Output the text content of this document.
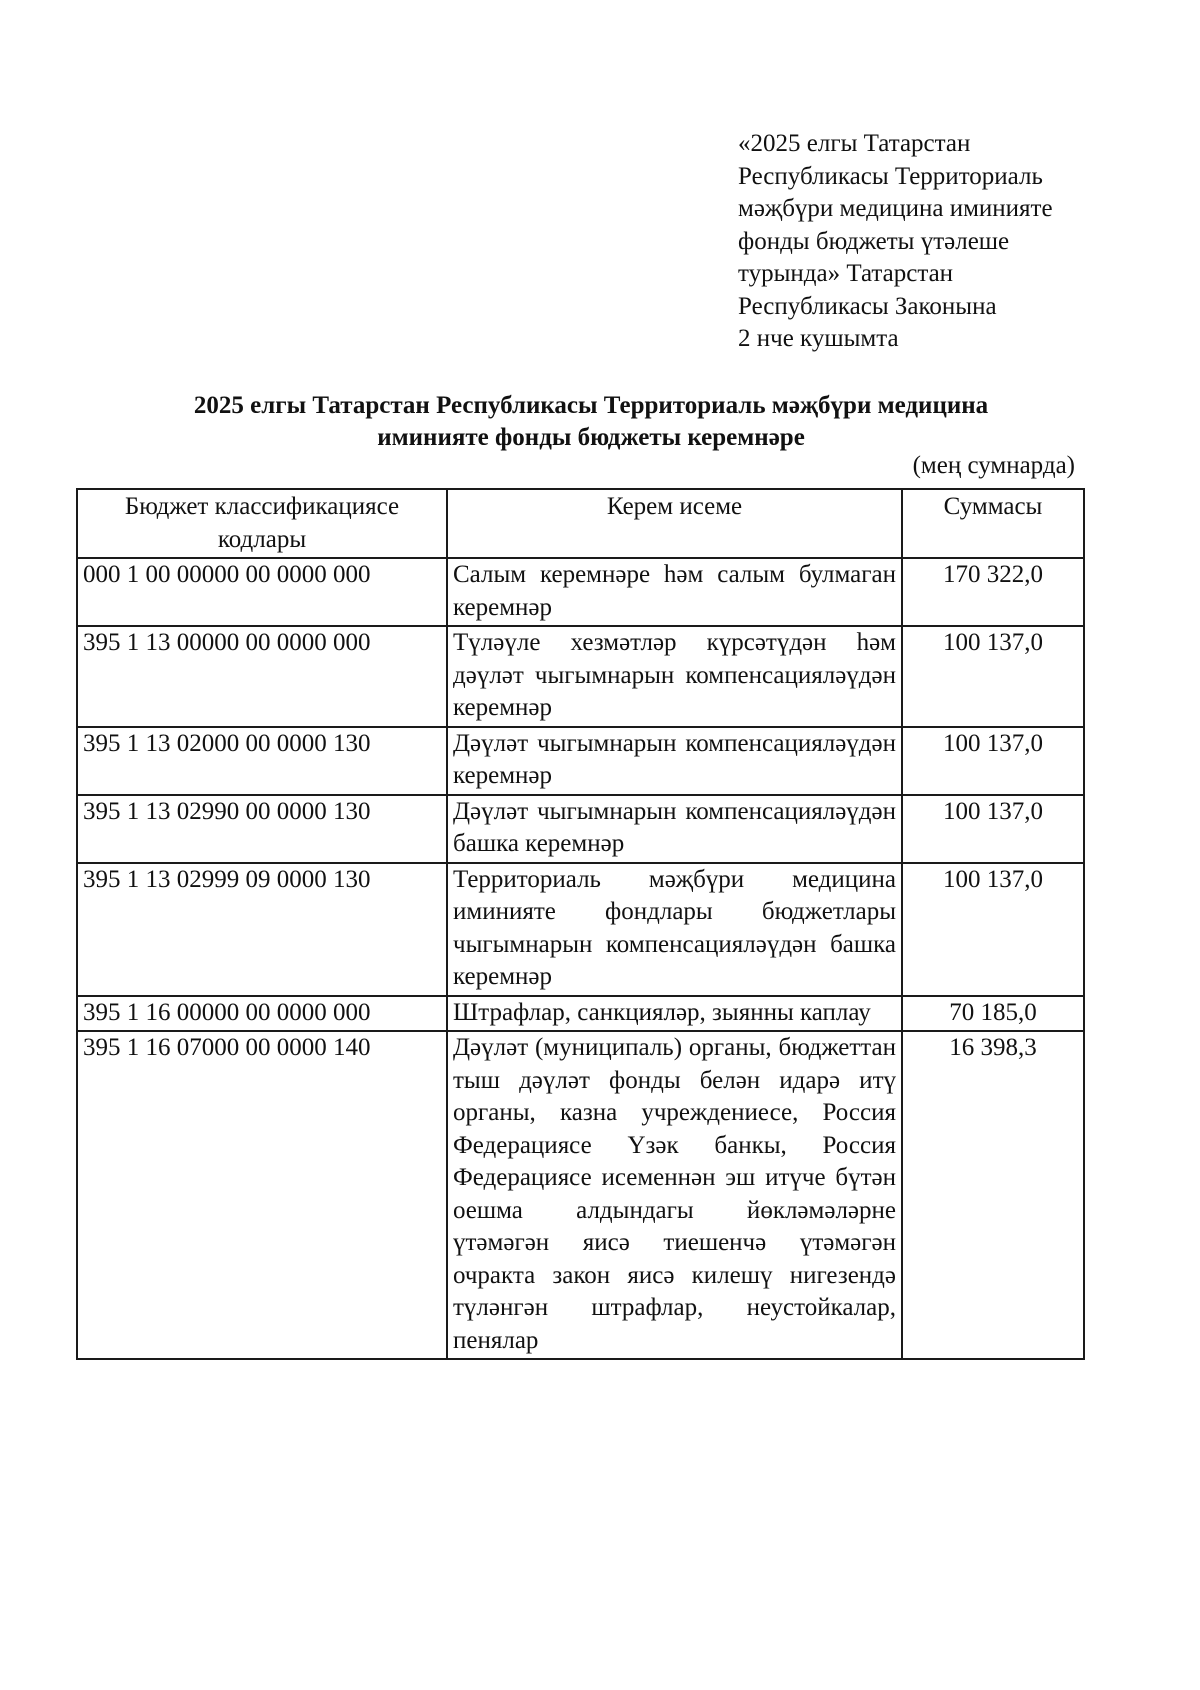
«2025 елгы Татарстан
Республикасы Территориаль
мәҗбүри медицина иминияте
фонды бюджеты үтәлеше
турында» Татарстан
Республикасы Законына
2 нче кушымта
2025 елгы Татарстан Республикасы Территориаль мәҗбүри медицина
иминияте фонды бюджеты керемнәре
(мең сумнарда)
Бюджет классификациясе кодлары	Керем исеме	Суммасы
000 1 00 00000 00 0000 000	Салым керемнәре һәм салым булмаган керемнәр	170 322,0
395 1 13 00000 00 0000 000	Түләүле хезмәтләр күрсәтүдән һәм дәүләт чыгымнарын компенсацияләүдән керемнәр	100 137,0
395 1 13 02000 00 0000 130	Дәүләт чыгымнарын компенсацияләүдән керемнәр	100 137,0
395 1 13 02990 00 0000 130	Дәүләт чыгымнарын компенсацияләүдән башка керемнәр	100 137,0
395 1 13 02999 09 0000 130	Территориаль мәҗбүри медицина иминияте фондлары бюджетлары чыгымнарын компенсацияләүдән башка керемнәр	100 137,0
395 1 16 00000 00 0000 000	Штрафлар, санкцияләр, зыянны каплау	70 185,0
395 1 16 07000 00 0000 140	Дәүләт (муниципаль) органы, бюджеттан тыш дәүләт фонды белән идарә итү органы, казна учреждениесе, Россия Федерациясе Үзәк банкы, Россия Федерациясе исеменнән эш итүче бүтән оешма алдындагы йөкләмәләрне үтәмәгән яисә тиешенчә үтәмәгән очракта закон яисә килешү нигезендә түләнгән штрафлар, неустойкалар, пенялар	16 398,3
